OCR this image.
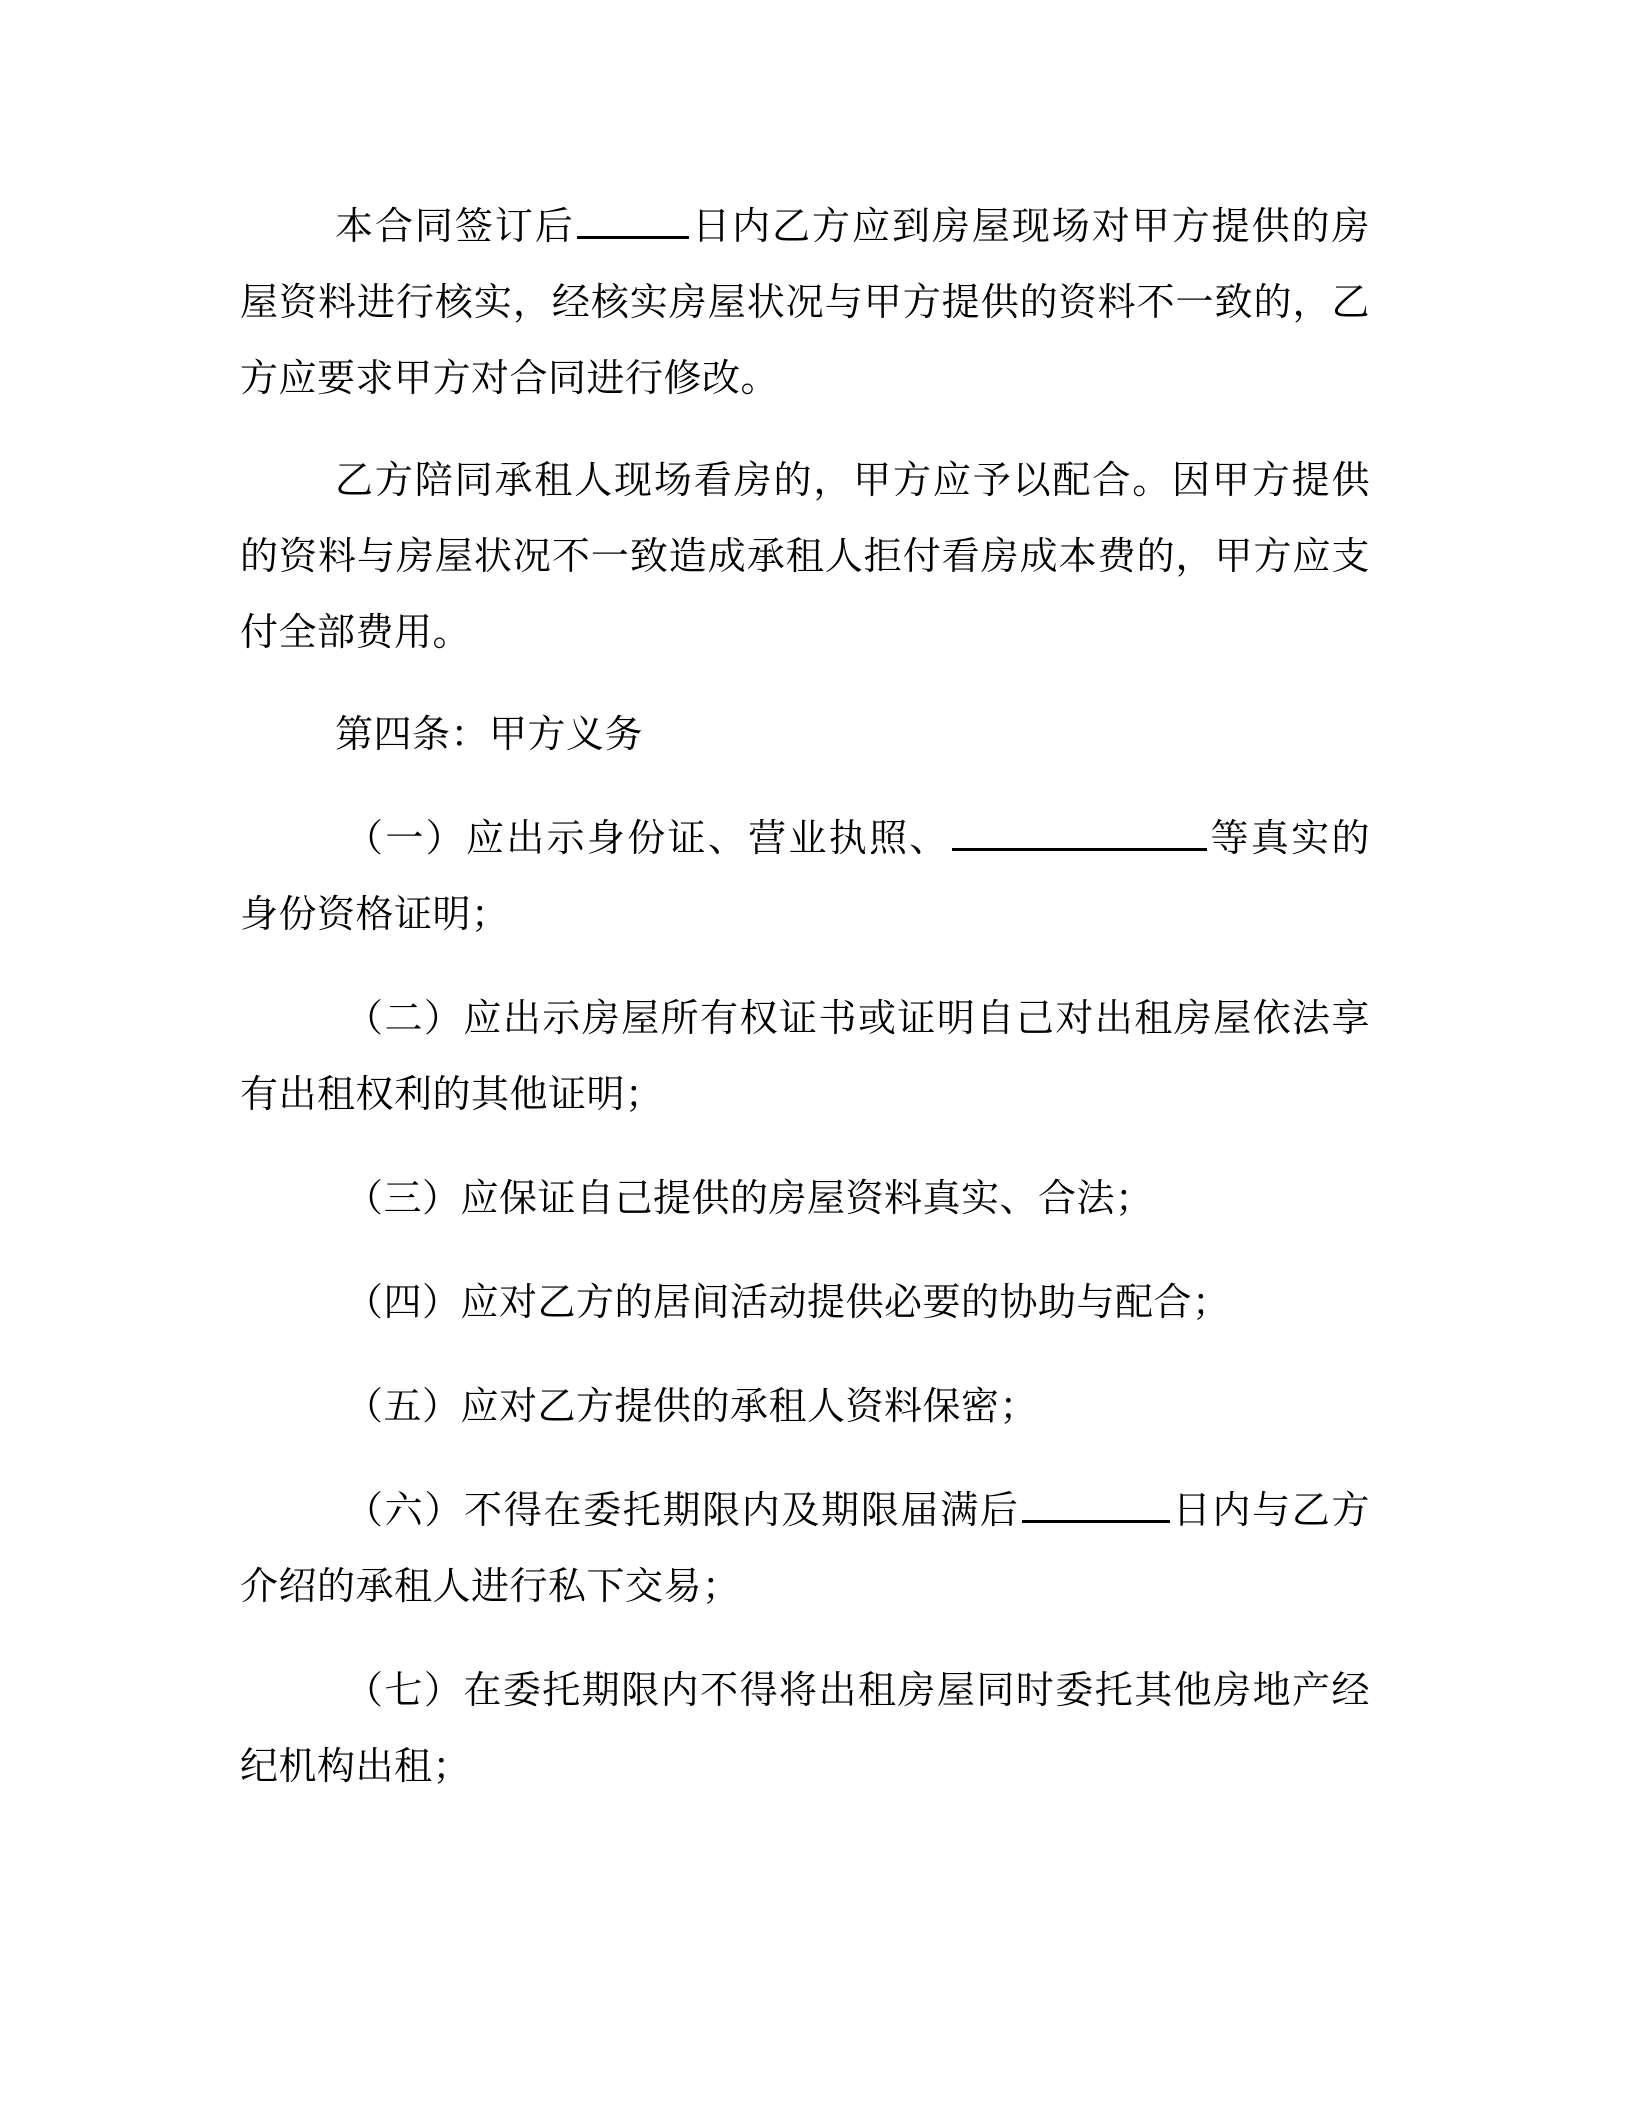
本合同签订后	日内乙方应到房屋现场对甲方提供的房屋资料进行核实，经核实房屋状况与甲方提供的资料不一致的，乙方应要求甲方对合同进行修改。

乙方陪同承租人现场看房的，甲方应予以配合。因甲方提供的资料与房屋状况不一致造成承租人拒付看房成本费的，甲方应支付全部费用。

第四条：甲方义务

（一）应出示身份证、营业执照、	等真实的身份资格证明；

（二）应出示房屋所有权证书或证明自己对出租房屋依法享有出租权利的其他证明；

（三）应保证自己提供的房屋资料真实、合法；

（四）应对乙方的居间活动提供必要的协助与配合；

（五）应对乙方提供的承租人资料保密；

（六）不得在委托期限内及期限届满后	日内与乙方介绍的承租人进行私下交易；

（七）在委托期限内不得将出租房屋同时委托其他房地产经纪机构出租；
